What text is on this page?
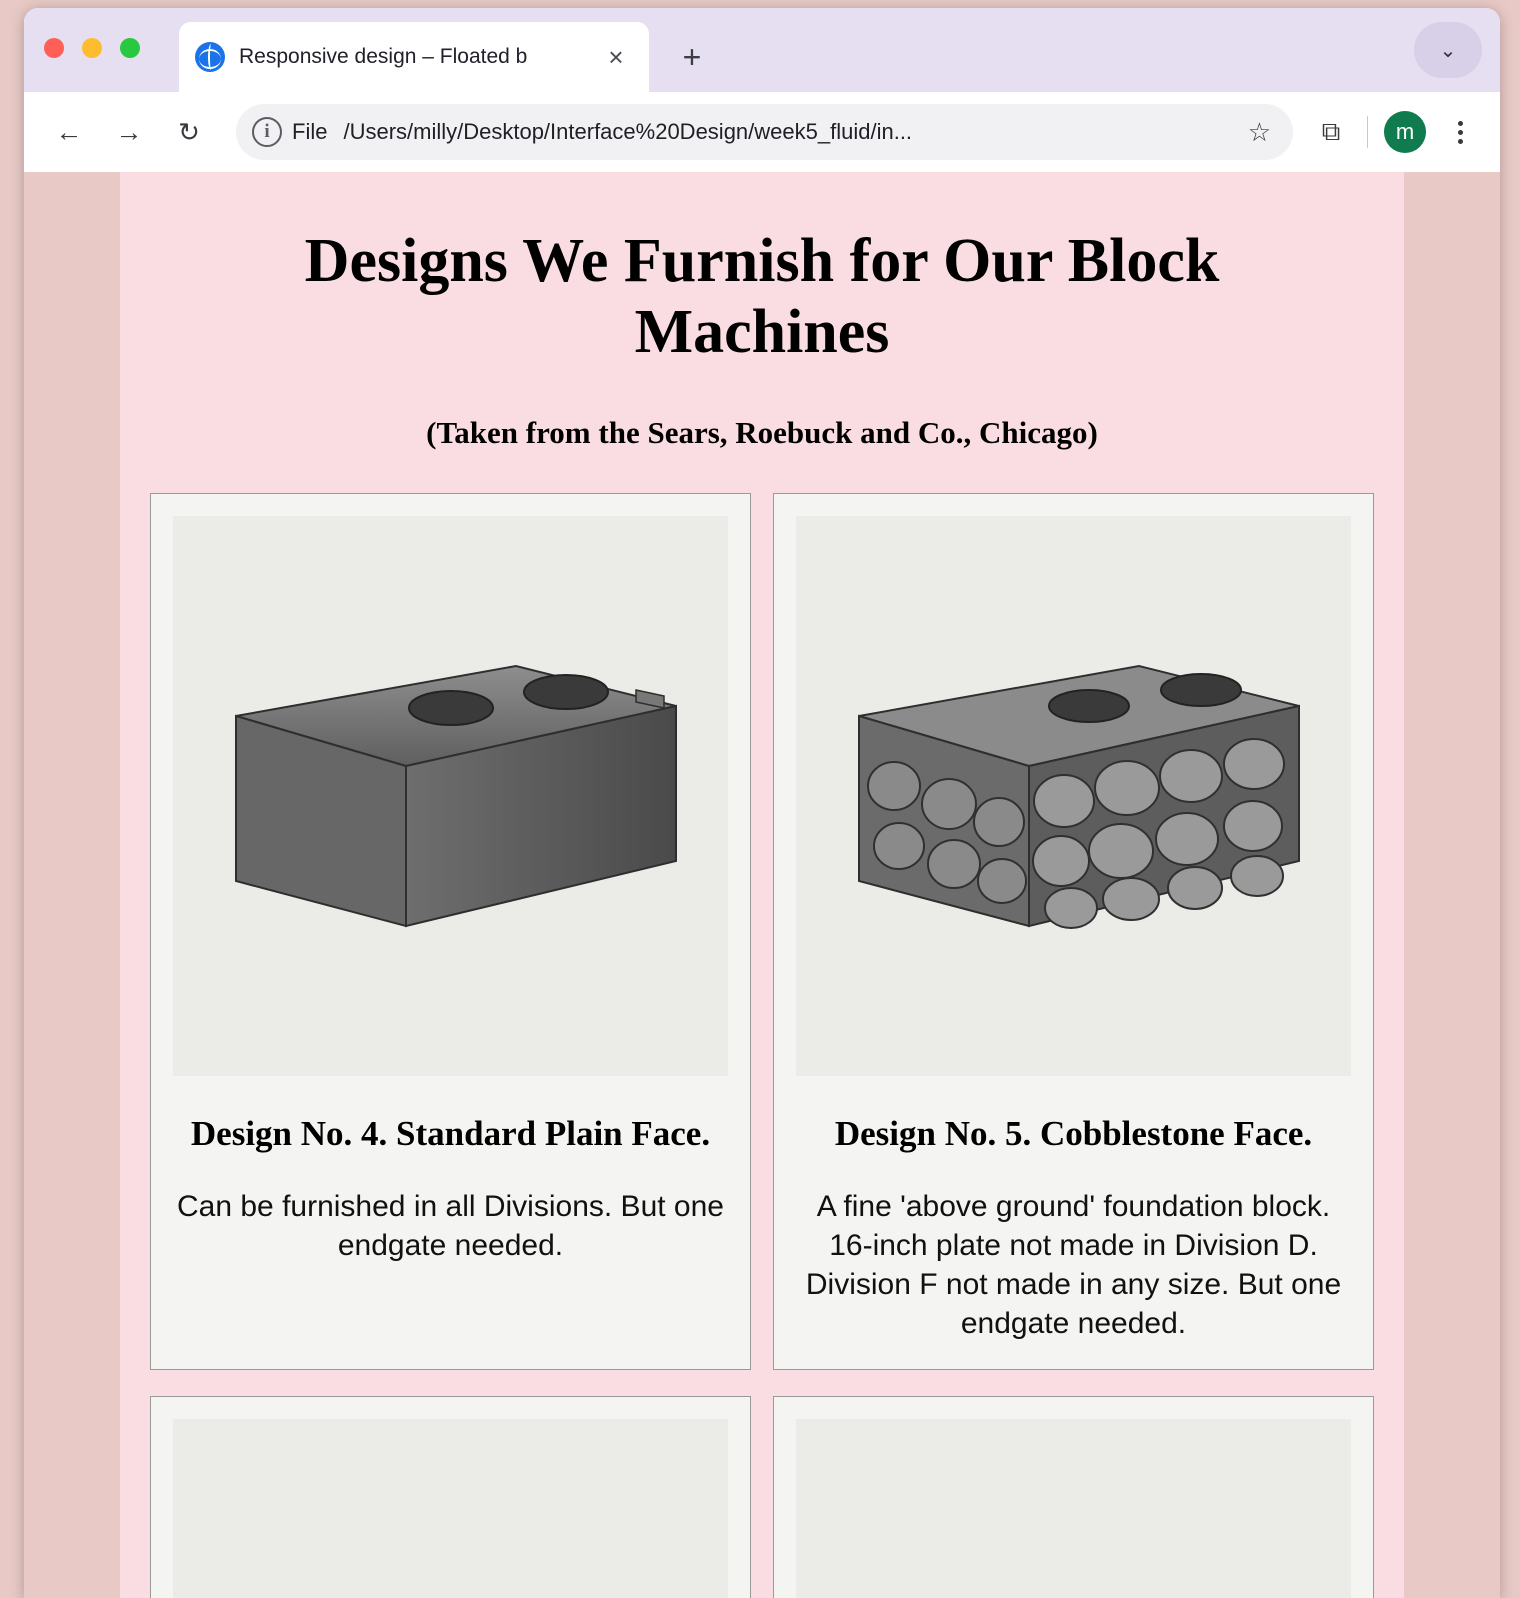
Responsive design – Floated b	×	+	⌄
←	→	↻	i	File /Users/milly/Desktop/Interface%20Design/week5_fluid/in...	☆	⧉	m
Designs We Furnish for Our Block Machines
(Taken from the Sears, Roebuck and Co., Chicago)
Design No. 4. Standard Plain Face.
Can be furnished in all Divisions. But one endgate needed.
Design No. 5. Cobblestone Face.
A fine 'above ground' foundation block. 16-inch plate not made in Division D. Division F not made in any size. But one endgate needed.
